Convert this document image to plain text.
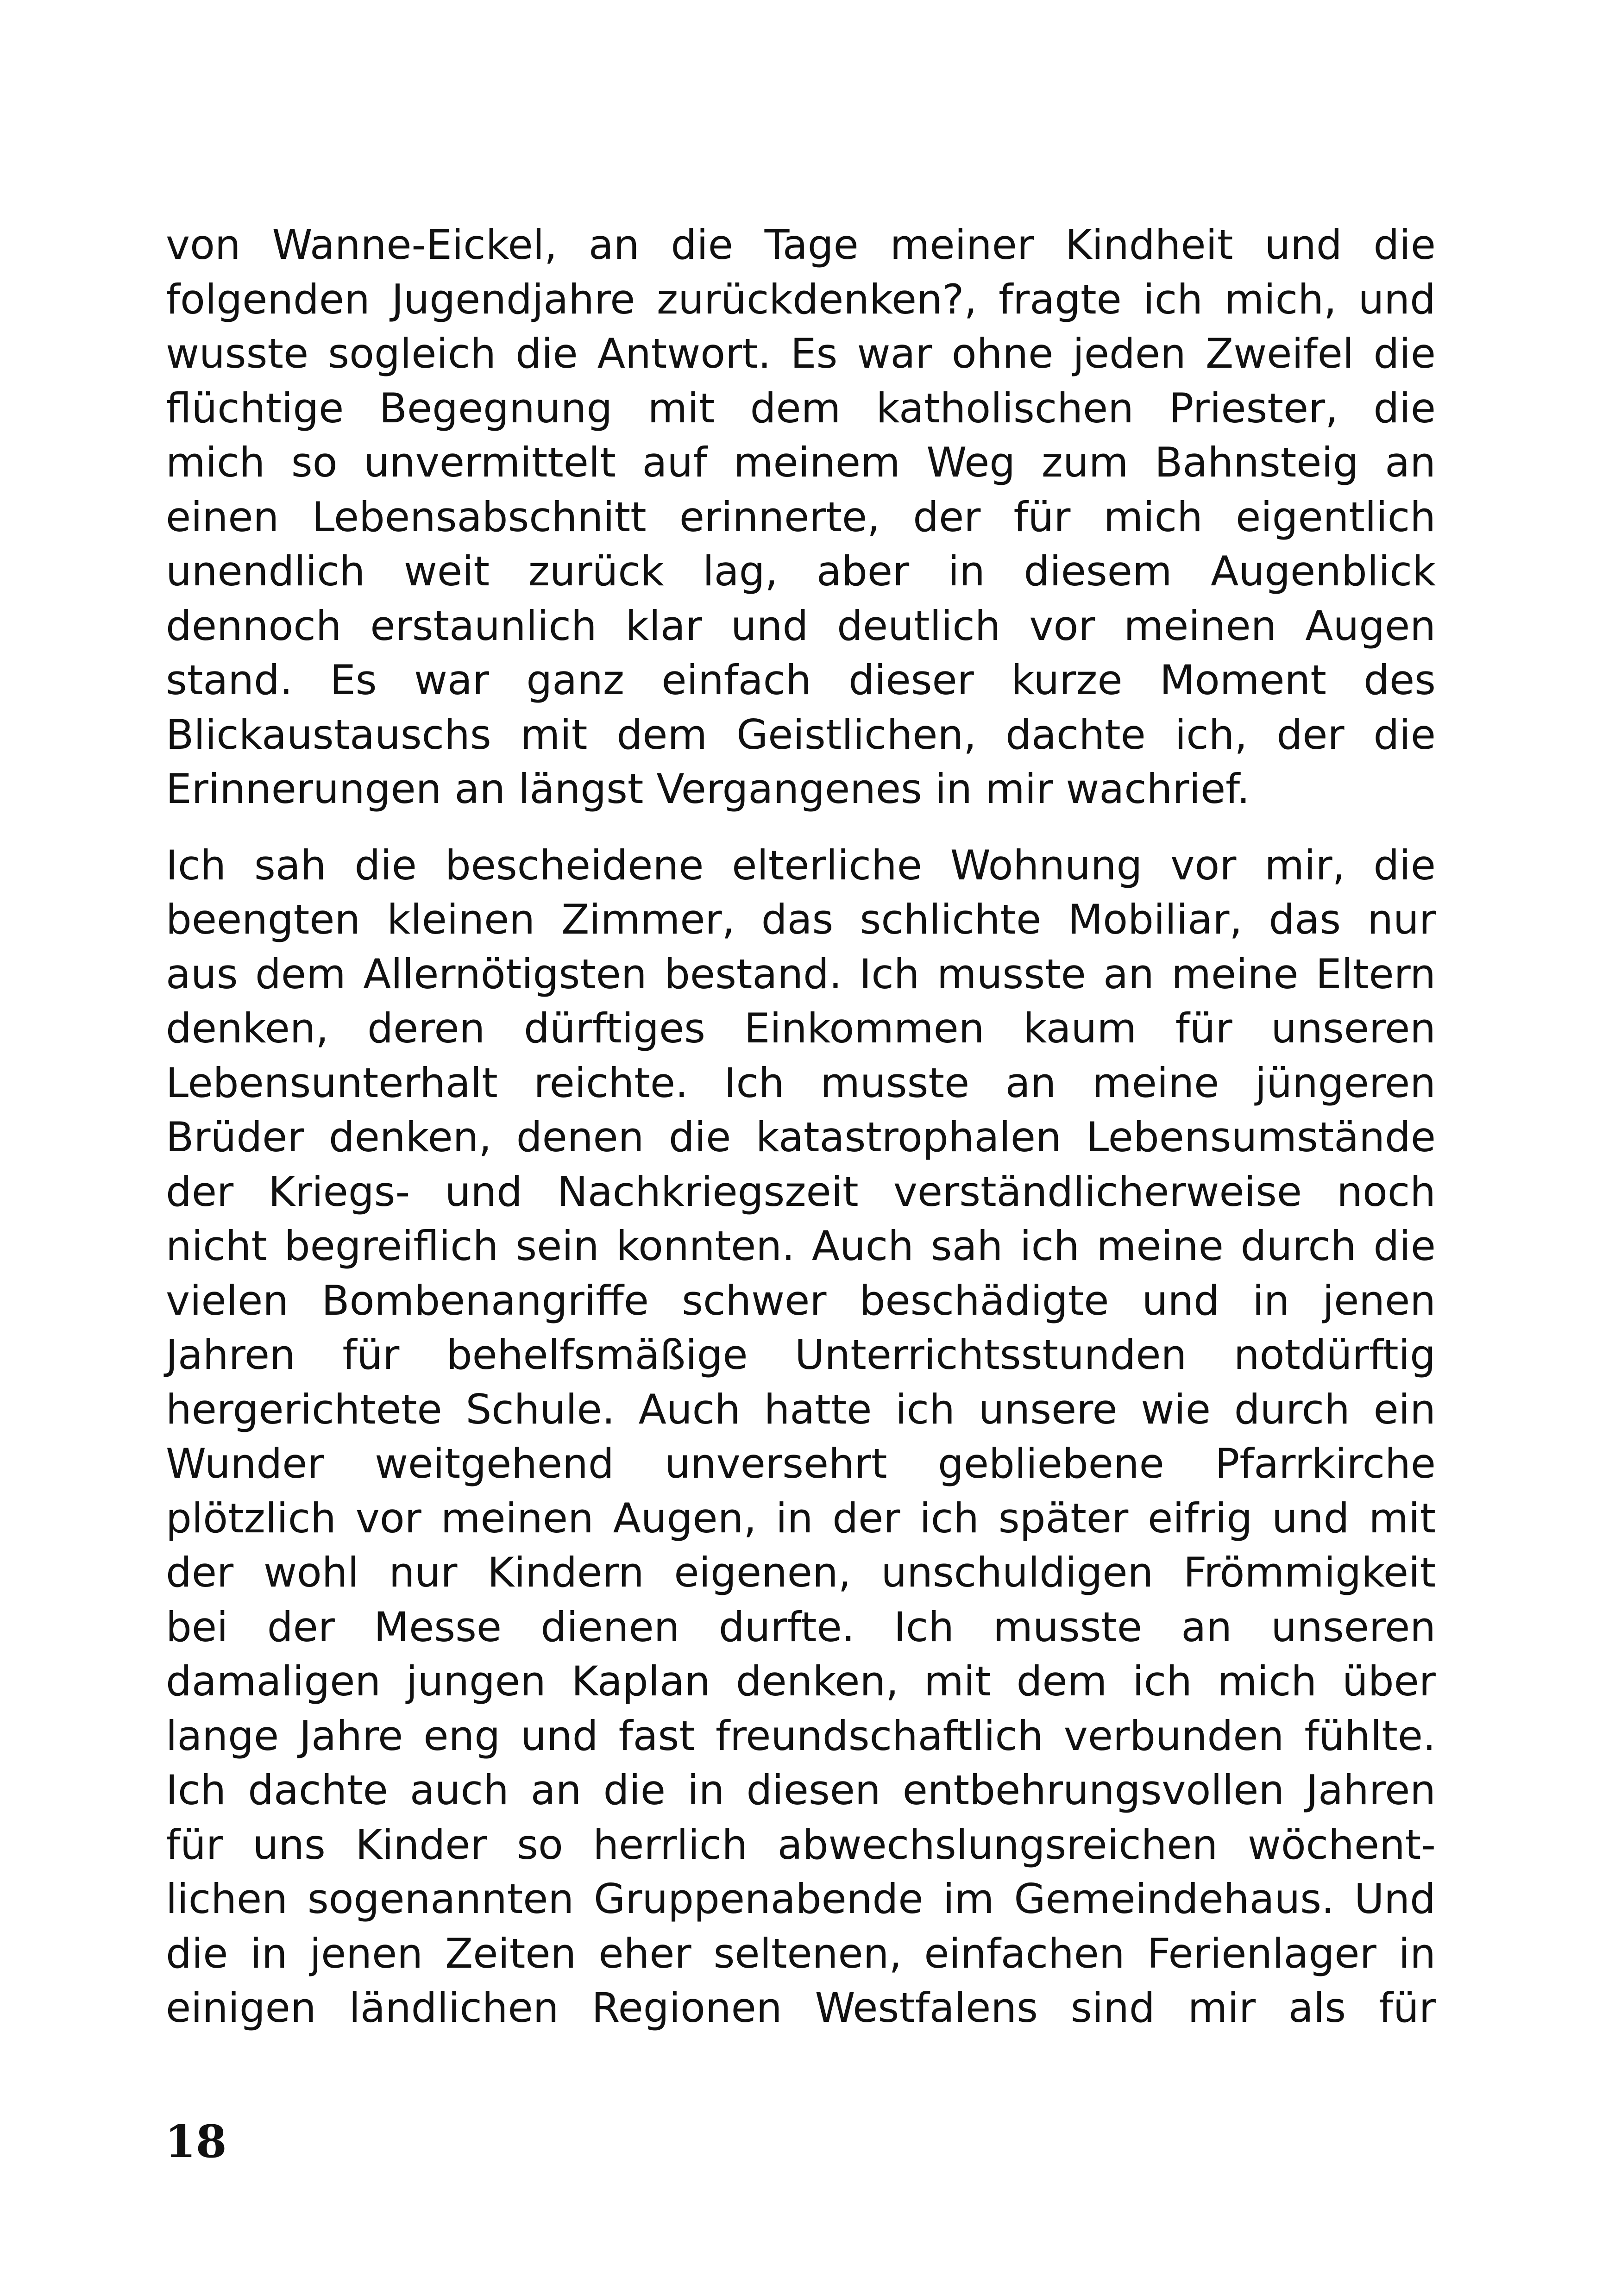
von Wanne-Eickel, an die Tage meiner Kindheit und die
folgenden Jugendjahre zurückdenken?, fragte ich mich, und
wusste sogleich die Antwort. Es war ohne jeden Zweifel die
flüchtige Begegnung mit dem katholischen Priester, die
mich so unvermittelt auf meinem Weg zum Bahnsteig an
einen Lebensabschnitt erinnerte, der für mich eigentlich
unendlich weit zurück lag, aber in diesem Augenblick
dennoch erstaunlich klar und deutlich vor meinen Augen
stand. Es war ganz einfach dieser kurze Moment des
Blickaustauschs mit dem Geistlichen, dachte ich, der die
Erinnerungen an längst Vergangenes in mir wachrief.

Ich sah die bescheidene elterliche Wohnung vor mir, die
beengten kleinen Zimmer, das schlichte Mobiliar, das nur
aus dem Allernötigsten bestand. Ich musste an meine Eltern
denken, deren dürftiges Einkommen kaum für unseren
Lebensunterhalt reichte. Ich musste an meine jüngeren
Brüder denken, denen die katastrophalen Lebensumstände
der Kriegs- und Nachkriegszeit verständlicherweise noch
nicht begreiflich sein konnten. Auch sah ich meine durch die
vielen Bombenangriffe schwer beschädigte und in jenen
Jahren für behelfsmäßige Unterrichtsstunden notdürftig
hergerichtete Schule. Auch hatte ich unsere wie durch ein
Wunder weitgehend unversehrt gebliebene Pfarrkirche
plötzlich vor meinen Augen, in der ich später eifrig und mit
der wohl nur Kindern eigenen, unschuldigen Frömmigkeit
bei der Messe dienen durfte. Ich musste an unseren
damaligen jungen Kaplan denken, mit dem ich mich über
lange Jahre eng und fast freundschaftlich verbunden fühlte.
Ich dachte auch an die in diesen entbehrungsvollen Jahren
für uns Kinder so herrlich abwechslungsreichen wöchent-
lichen sogenannten Gruppenabende im Gemeindehaus. Und
die in jenen Zeiten eher seltenen, einfachen Ferienlager in
einigen ländlichen Regionen Westfalens sind mir als für

18
